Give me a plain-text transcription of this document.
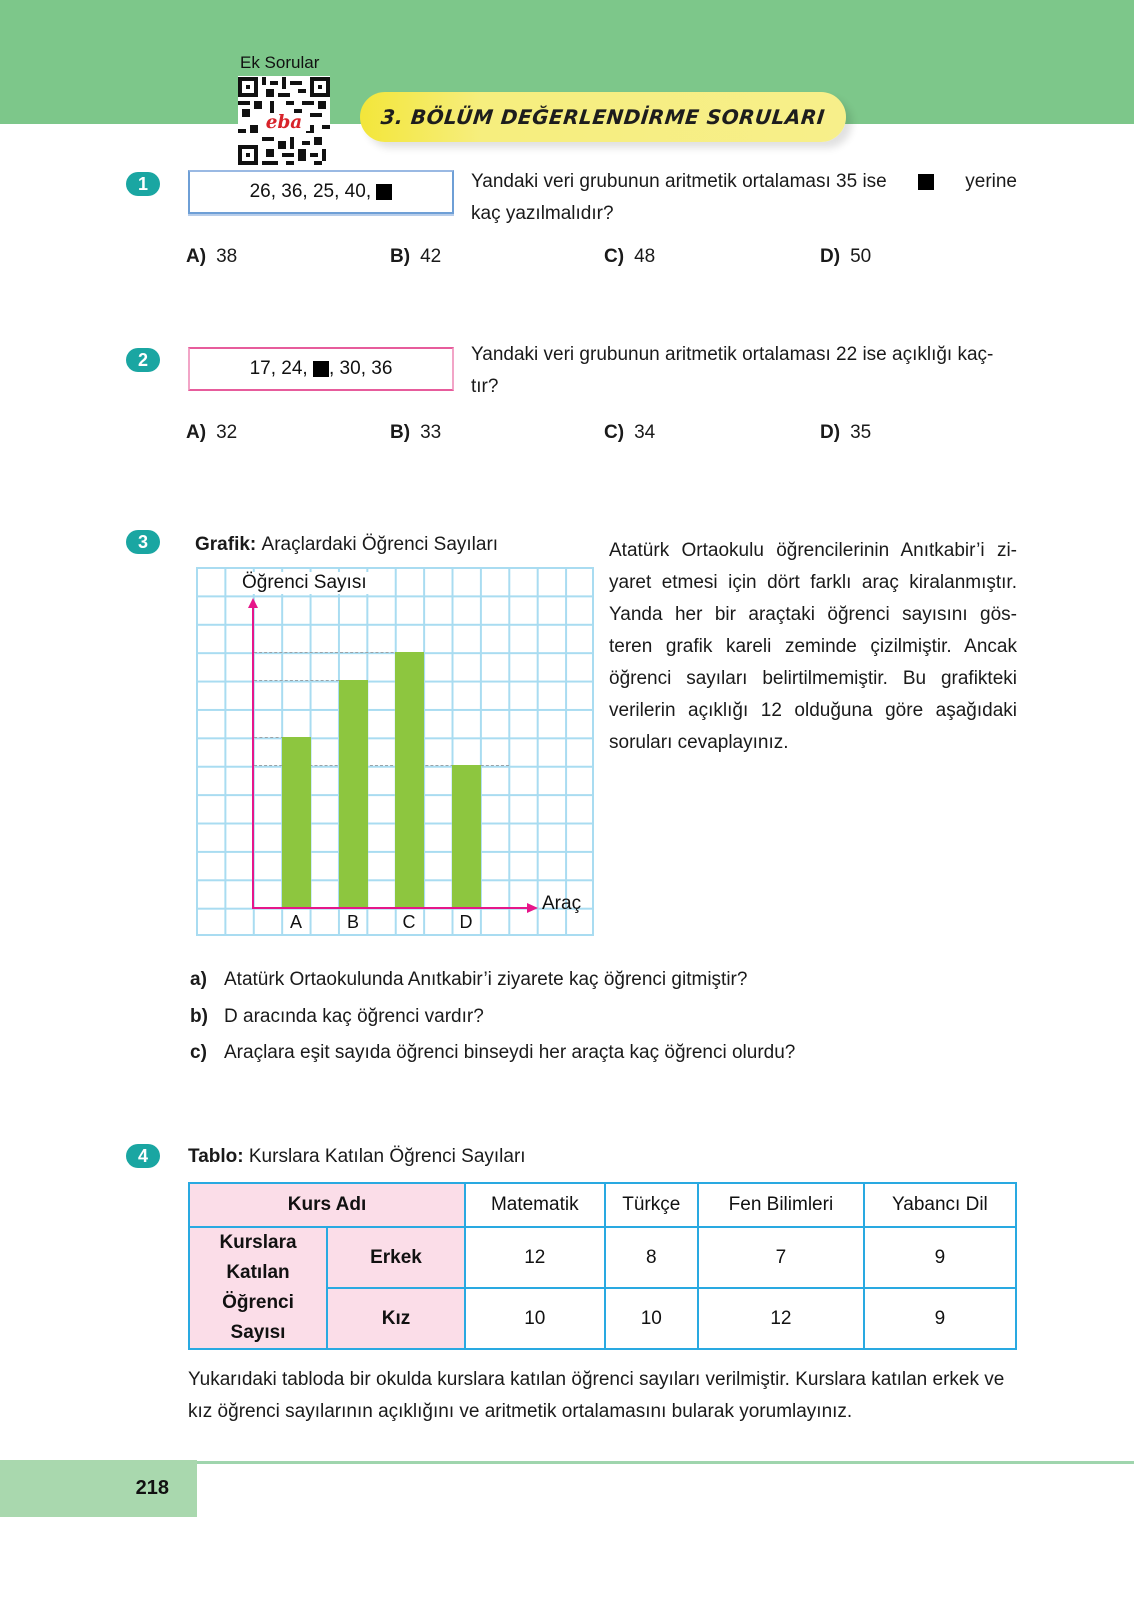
Ek Sorular
eba	3. BÖLÜM DEĞERLENDİRME SORULARI
1	26, 36, 25, 40,
	Yandaki veri grubunun aritmetik ortalaması 35 ise	yerine
kaç yazılmalıdır?
A) 38	B) 42	C) 48	D) 50
2	17, 24,
, 30, 36
Yandaki veri grubunun aritmetik ortalaması 22 ise açıklığı kaç-
tır?
A) 32	B) 33	C) 34	D) 35
3	Grafik: Araçlardaki Öğrenci Sayıları
Öğrenci Sayısı
Araç
A	B	C	D
Atatürk Ortaokulu öğrencilerinin Anıtkabir’i zi-
yaret etmesi için dört farklı araç kiralanmıştır.
Yanda her bir araçtaki öğrenci sayısını gös-
teren grafik kareli zeminde çizilmiştir. Ancak
öğrenci sayıları belirtilmemiştir. Bu grafikteki
verilerin açıklığı 12 olduğuna göre aşağıdaki
soruları cevaplayınız.
a) Atatürk Ortaokulunda Anıtkabir’i ziyarete kaç öğrenci gitmiştir?
b) D aracında kaç öğrenci vardır?
c) Araçlara eşit sayıda öğrenci binseydi her araçta kaç öğrenci olurdu?
4	Tablo: Kurslara Katılan Öğrenci Sayıları
Kurs Adı		Matematik	Türkçe	Fen Bilimleri	Yabancı Dil

Kurslara
Katılan
Öğrenci
Sayısı	Erkek	12	8	7	9
	Kız	10	10	12	9
Yukarıdaki tabloda bir okulda kurslara katılan öğrenci sayıları verilmiştir. Kurslara katılan erkek ve
kız öğrenci sayılarının açıklığını ve aritmetik ortalamasını bularak yorumlayınız.
218
